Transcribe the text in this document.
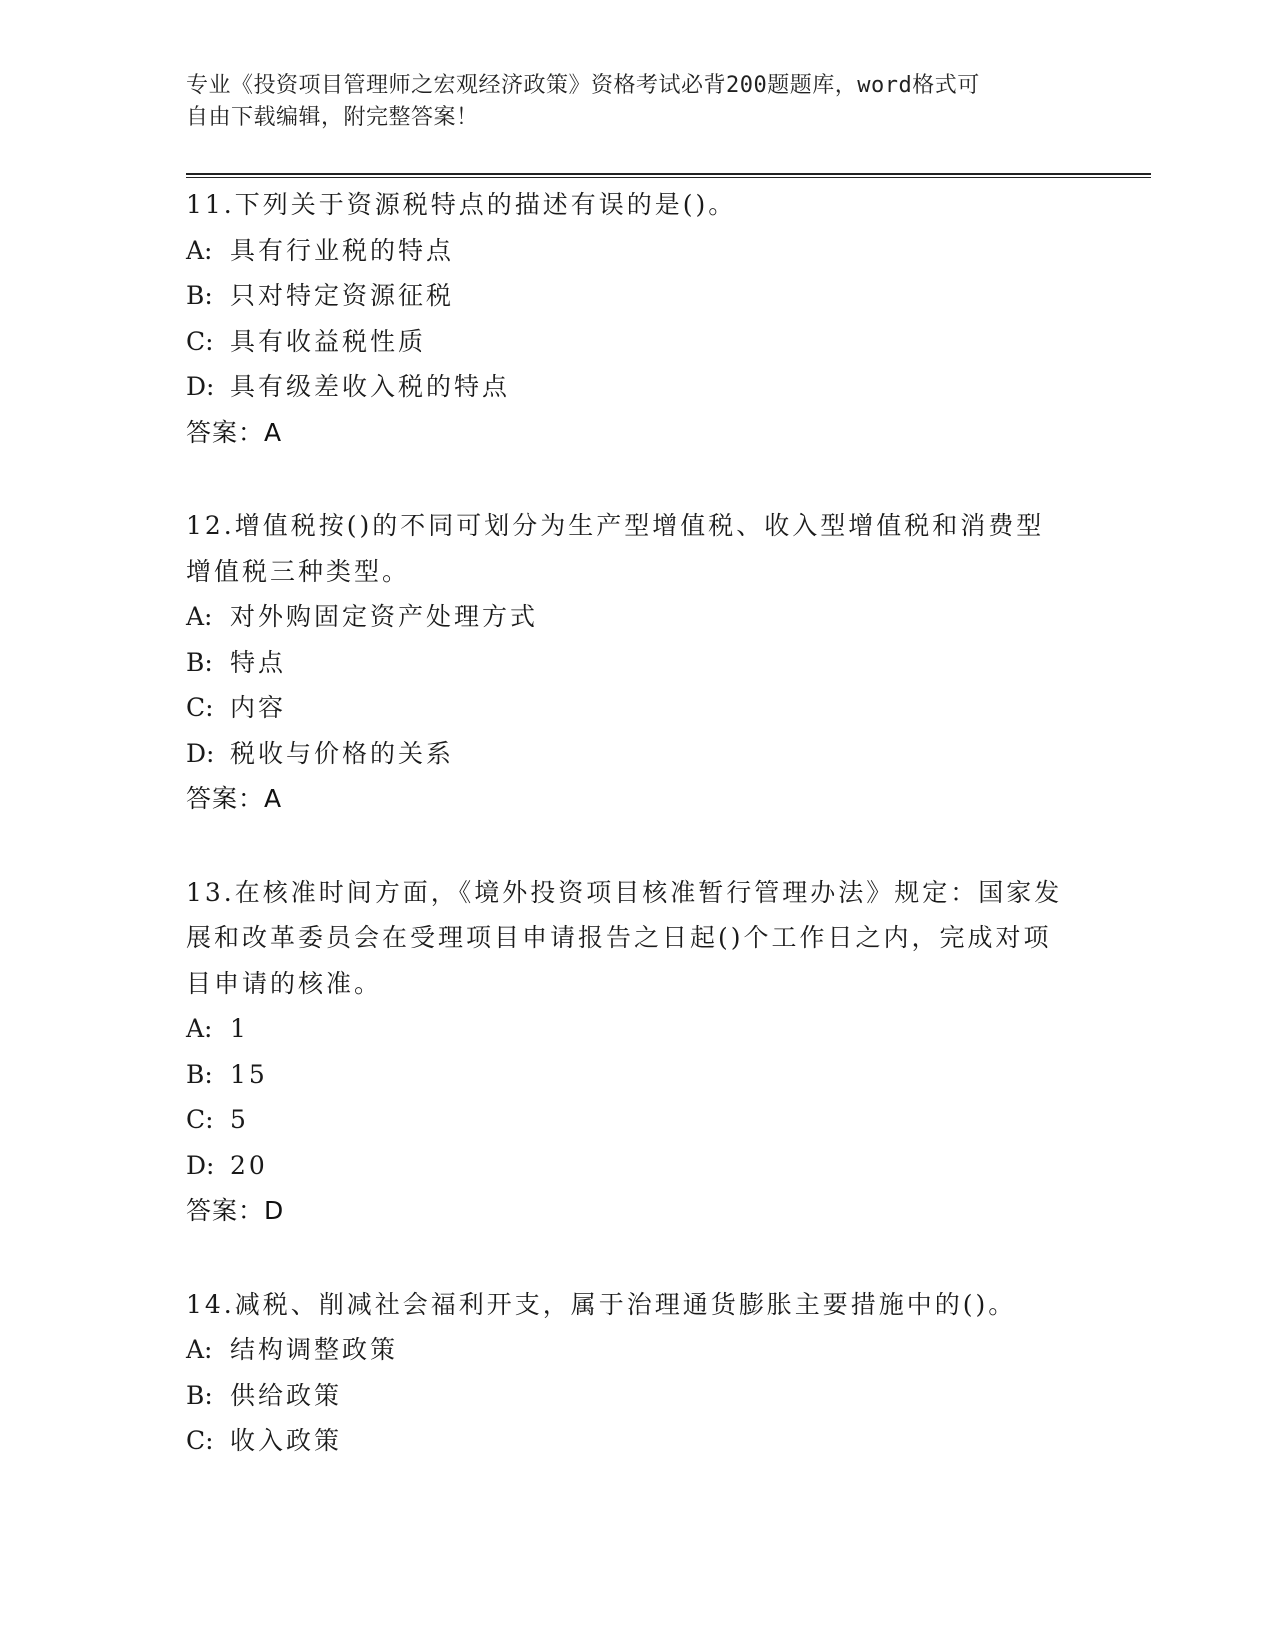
专业《投资项目管理师之宏观经济政策》资格考试必背200题题库，word格式可
自由下载编辑，附完整答案！
11.下列关于资源税特点的描述有误的是()。
A: 具有行业税的特点
B: 只对特定资源征税
C: 具有收益税性质
D: 具有级差收入税的特点
答案：A
12.增值税按()的不同可划分为生产型增值税、收入型增值税和消费型增值税三种类型。
A: 对外购固定资产处理方式
B: 特点
C: 内容
D: 税收与价格的关系
答案：A
13.在核准时间方面，《境外投资项目核准暂行管理办法》规定：国家发展和改革委员会在受理项目申请报告之日起()个工作日之内，完成对项目申请的核准。
A: 1
B: 15
C: 5
D: 20
答案：D
14.减税、削减社会福利开支，属于治理通货膨胀主要措施中的()。
A: 结构调整政策
B: 供给政策
C: 收入政策
